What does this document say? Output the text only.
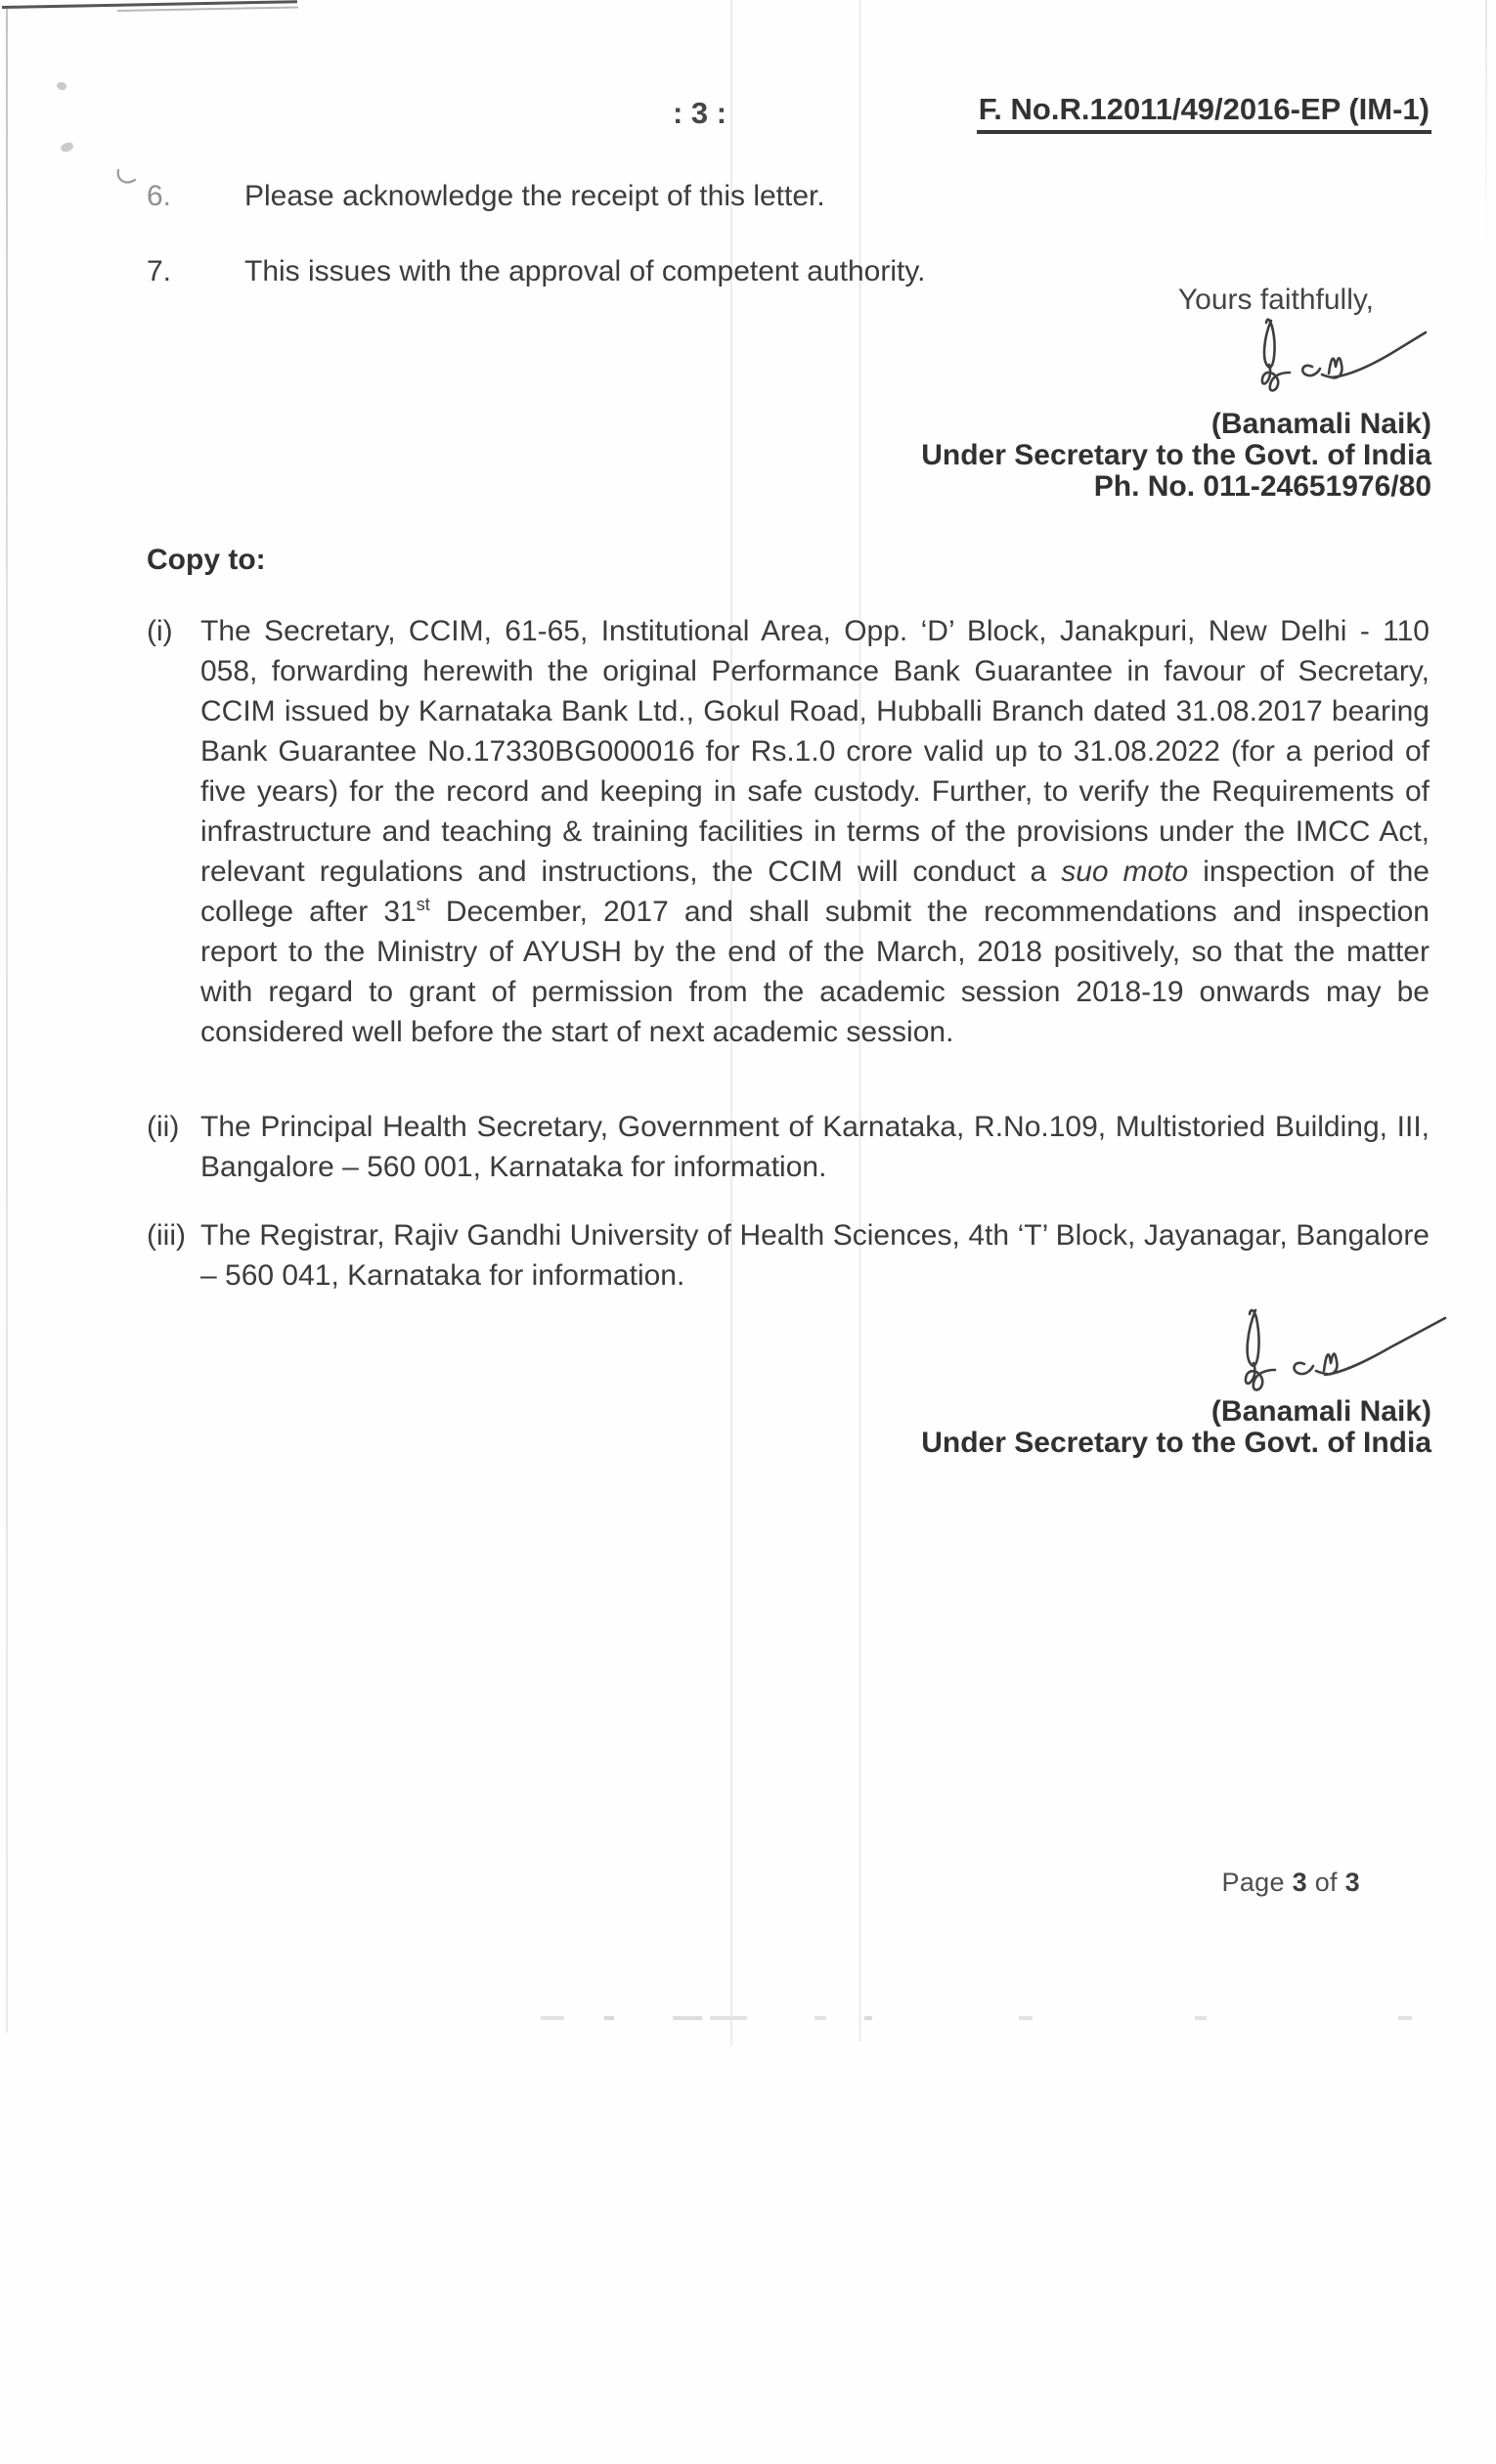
: 3 :	F. No.R.12011/49/2016-EP (IM-1)
6. Please acknowledge the receipt of this letter.
7. This issues with the approval of competent authority.
Yours faithfully,
(Banamali Naik)
Under Secretary to the Govt. of India
Ph. No. 011-24651976/80
Copy to:
(i) The Secretary, CCIM, 61-65, Institutional Area, Opp. ‘D’ Block, Janakpuri, New Delhi - 110 058, forwarding herewith the original Performance Bank Guarantee in favour of Secretary, CCIM issued by Karnataka Bank Ltd., Gokul Road, Hubballi Branch dated 31.08.2017 bearing Bank Guarantee No.17330BG000016 for Rs.1.0 crore valid up to 31.08.2022 (for a period of five years) for the record and keeping in safe custody. Further, to verify the Requirements of infrastructure and teaching & training facilities in terms of the provisions under the IMCC Act, relevant regulations and instructions, the CCIM will conduct a suo moto inspection of the college after 31st December, 2017 and shall submit the recommendations and inspection report to the Ministry of AYUSH by the end of the March, 2018 positively, so that the matter with regard to grant of permission from the academic session 2018-19 onwards may be considered well before the start of next academic session.
(ii) The Principal Health Secretary, Government of Karnataka, R.No.109, Multistoried Building, III, Bangalore – 560 001, Karnataka for information.
(iii) The Registrar, Rajiv Gandhi University of Health Sciences, 4th ‘T’ Block, Jayanagar, Bangalore – 560 041, Karnataka for information.
(Banamali Naik)
Under Secretary to the Govt. of India
Page 3 of 3
